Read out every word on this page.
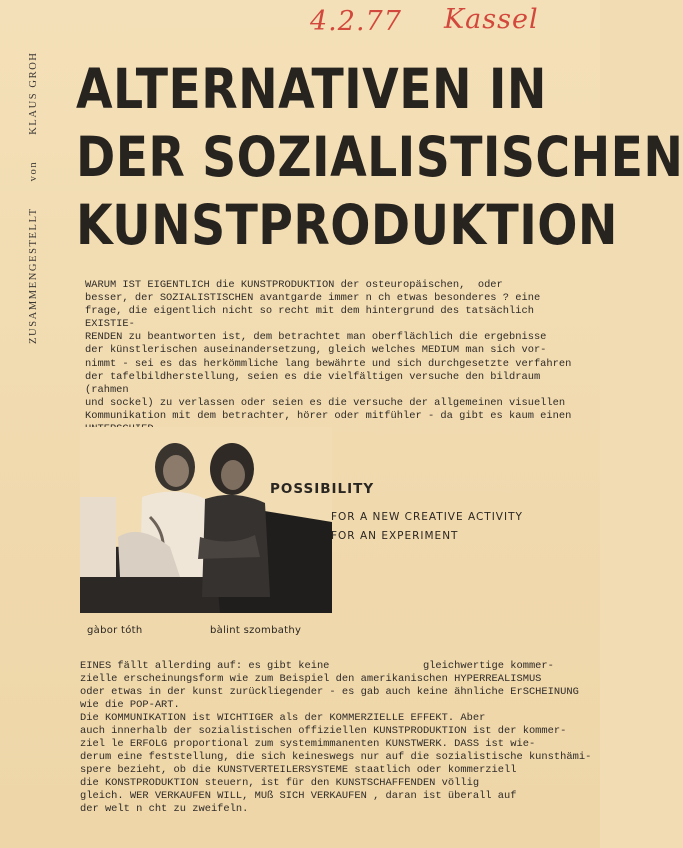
4.2.77 Kassel
ZUSAMMENGESTELLT
von
KLAUS GROH ALTERNATIVEN IN
DER SOZIALISTISCHEN
KUNSTPRODUKTION
WARUM IST EIGENTLICH die KUNSTPRODUKTION der osteuropäischen,  oder
besser, der SOZIALISTISCHEN avantgarde immer n ch etwas besonderes ? eine
frage, die eigentlich nicht so recht mit dem hintergrund des tatsächlich EXISTIE-
RENDEN zu beantworten ist, dem betrachtet man oberflächlich die ergebnisse
der künstlerischen auseinandersetzung, gleich welches MEDIUM man sich vor-
nimmt - sei es das herkömmliche lang bewährte und sich durchgesetzte verfahren
der tafelbildherstellung, seien es die vielfältigen versuche den bildraum (rahmen
und sockel) zu verlassen oder seien es die versuche der allgemeinen visuellen
Kommunikation mit dem betrachter, hörer oder mitfühler - da gibt es kaum einen

POSSIBILITY
FOR A NEW CREATIVE ACTIVITY
FOR AN EXPERIMENT
gàbor tóth	bàlint szombathy
EINES fällt allerding auf: es gibt keine               gleichwertige kommer-
zielle erscheinungsform wie zum Beispiel den amerikanischen HYPERREALISMUS
oder etwas in der kunst zurückliegender - es gab auch keine ähnliche ErSCHEINUNG
wie die POP-ART.
Die KOMMUNIKATION ist WICHTIGER als der KOMMERZIELLE EFFEKT. Aber
auch innerhalb der sozialistischen offiziellen KUNSTPRODUKTION ist der kommer-
ziel le ERFOLG proportional zum systemimmanenten KUNSTWERK. DASS ist wie-
derum eine feststellung, die sich keineswegs nur auf die sozialistische kunsthämi-
spere bezieht, ob die KUNSTVERTEILERSYSTEME staatlich oder kommerziell
die KONSTPRODUKTION steuern, ist für den KUNSTSCHAFFENDEN völlig
gleich. WER VERKAUFEN WILL, MUß SICH VERKAUFEN , daran ist überall auf
der welt n cht zu zweifeln.
